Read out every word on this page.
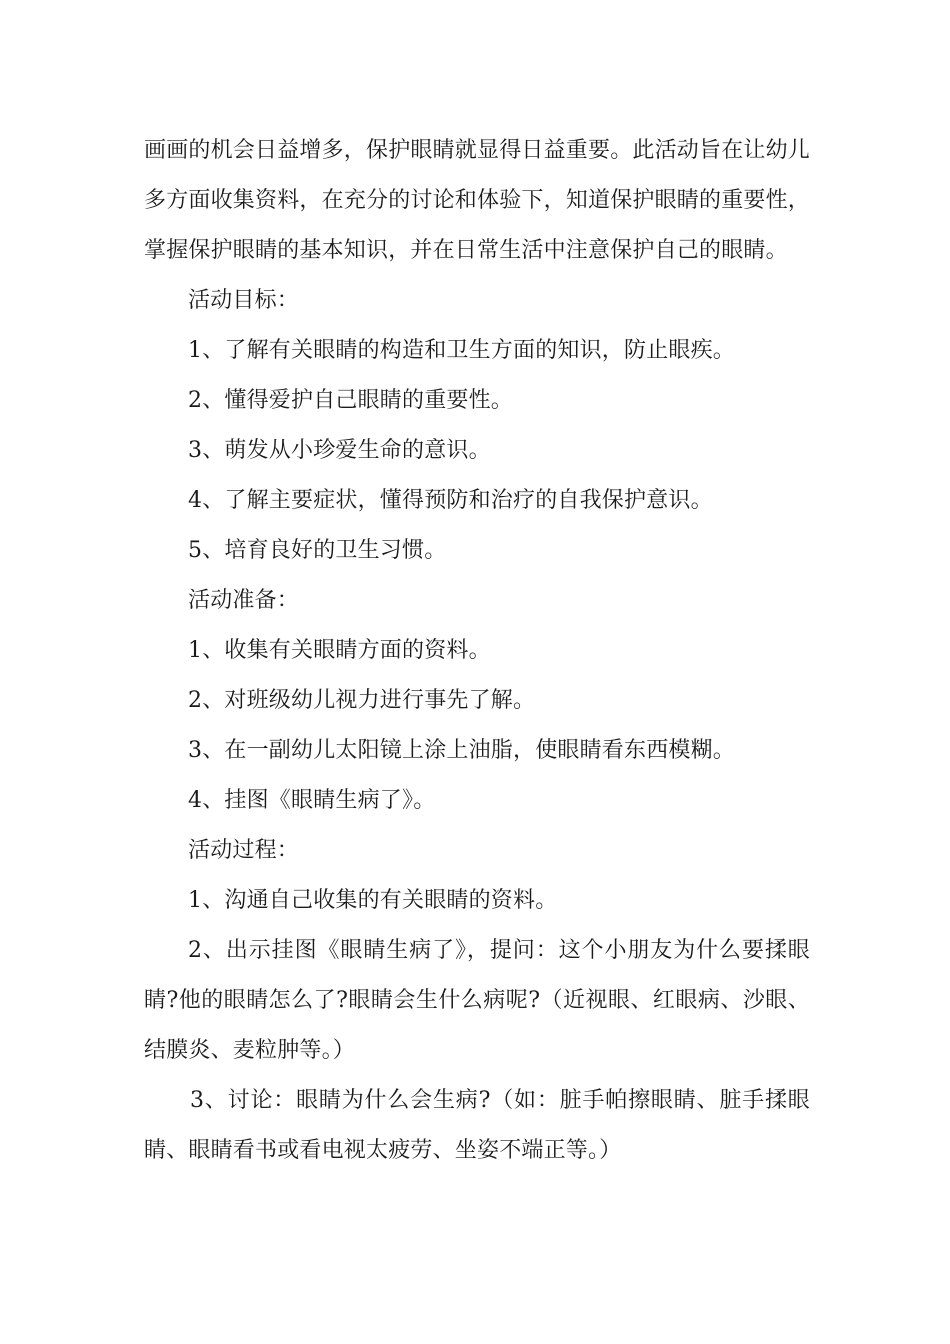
画画的机会日益增多，保护眼睛就显得日益重要。此活动旨在让幼儿多方面收集资料，在充分的讨论和体验下，知道保护眼睛的重要性，掌握保护眼睛的基本知识，并在日常生活中注意保护自己的眼睛。

活动目标：

1、了解有关眼睛的构造和卫生方面的知识，防止眼疾。

2、懂得爱护自己眼睛的重要性。

3、萌发从小珍爱生命的意识。

4、了解主要症状，懂得预防和治疗的自我保护意识。

5、培育良好的卫生习惯。

活动准备：

1、收集有关眼睛方面的资料。

2、对班级幼儿视力进行事先了解。

3、在一副幼儿太阳镜上涂上油脂，使眼睛看东西模糊。

4、挂图《眼睛生病了》。

活动过程：

1、沟通自己收集的有关眼睛的资料。

2、出示挂图《眼睛生病了》，提问：这个小朋友为什么要揉眼睛?他的眼睛怎么了?眼睛会生什么病呢?（近视眼、红眼病、沙眼、结膜炎、麦粒肿等。）

3、讨论：眼睛为什么会生病?（如：脏手帕擦眼睛、脏手揉眼睛、眼睛看书或看电视太疲劳、坐姿不端正等。）
